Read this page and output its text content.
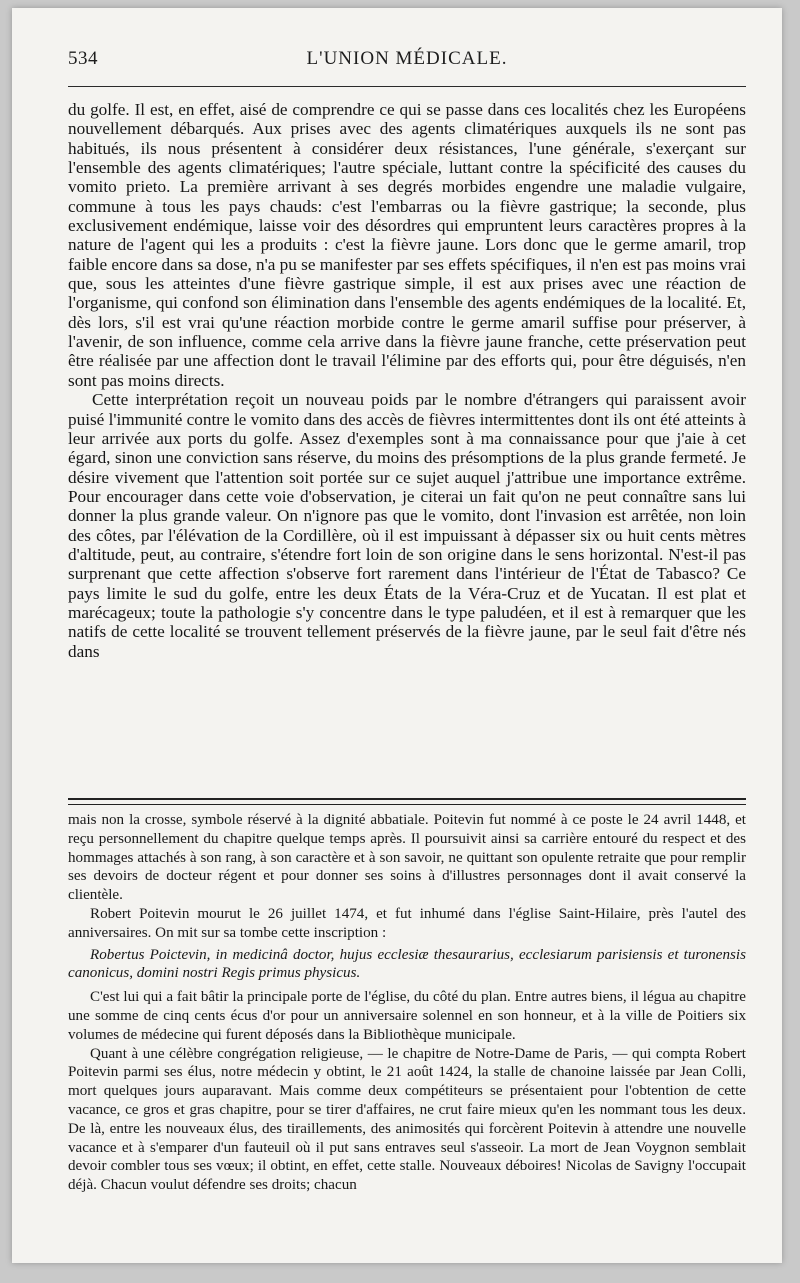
534	L'UNION MÉDICALE.

du golfe. Il est, en effet, aisé de comprendre ce qui se passe dans ces localités chez les Européens nouvellement débarqués. Aux prises avec des agents climatériques auxquels ils ne sont pas habitués, ils nous présentent à considérer deux résistances, l'une générale, s'exerçant sur l'ensemble des agents climatériques; l'autre spéciale, luttant contre la spécificité des causes du vomito prieto. La première arrivant à ses degrés morbides engendre une maladie vulgaire, commune à tous les pays chauds: c'est l'embarras ou la fièvre gastrique; la seconde, plus exclusivement endémique, laisse voir des désordres qui empruntent leurs caractères propres à la nature de l'agent qui les a produits : c'est la fièvre jaune. Lors donc que le germe amaril, trop faible encore dans sa dose, n'a pu se manifester par ses effets spécifiques, il n'en est pas moins vrai que, sous les atteintes d'une fièvre gastrique simple, il est aux prises avec une réaction de l'organisme, qui confond son élimination dans l'ensemble des agents endémiques de la localité. Et, dès lors, s'il est vrai qu'une réaction morbide contre le germe amaril suffise pour préserver, à l'avenir, de son influence, comme cela arrive dans la fièvre jaune franche, cette préservation peut être réalisée par une affection dont le travail l'élimine par des efforts qui, pour être déguisés, n'en sont pas moins directs.

Cette interprétation reçoit un nouveau poids par le nombre d'étrangers qui paraissent avoir puisé l'immunité contre le vomito dans des accès de fièvres intermittentes dont ils ont été atteints à leur arrivée aux ports du golfe. Assez d'exemples sont à ma connaissance pour que j'aie à cet égard, sinon une conviction sans réserve, du moins des présomptions de la plus grande fermeté. Je désire vivement que l'attention soit portée sur ce sujet auquel j'attribue une importance extrême. Pour encourager dans cette voie d'observation, je citerai un fait qu'on ne peut connaître sans lui donner la plus grande valeur. On n'ignore pas que le vomito, dont l'invasion est arrêtée, non loin des côtes, par l'élévation de la Cordillère, où il est impuissant à dépasser six ou huit cents mètres d'altitude, peut, au contraire, s'étendre fort loin de son origine dans le sens horizontal. N'est-il pas surprenant que cette affection s'observe fort rarement dans l'intérieur de l'État de Tabasco? Ce pays limite le sud du golfe, entre les deux États de la Véra-Cruz et de Yucatan. Il est plat et marécageux; toute la pathologie s'y concentre dans le type paludéen, et il est à remarquer que les natifs de cette localité se trouvent tellement préservés de la fièvre jaune, par le seul fait d'être nés dans

mais non la crosse, symbole réservé à la dignité abbatiale. Poitevin fut nommé à ce poste le 24 avril 1448, et reçu personnellement du chapitre quelque temps après. Il poursuivit ainsi sa carrière entouré du respect et des hommages attachés à son rang, à son caractère et à son savoir, ne quittant son opulente retraite que pour remplir ses devoirs de docteur régent et pour donner ses soins à d'illustres personnages dont il avait conservé la clientèle.

Robert Poitevin mourut le 26 juillet 1474, et fut inhumé dans l'église Saint-Hilaire, près l'autel des anniversaires. On mit sur sa tombe cette inscription :

Robertus Poictevin, in medicinâ doctor, hujus ecclesiæ thesaurarius, ecclesiarum parisiensis et turonensis canonicus, domini nostri Regis primus physicus.

C'est lui qui a fait bâtir la principale porte de l'église, du côté du plan. Entre autres biens, il légua au chapitre une somme de cinq cents écus d'or pour un anniversaire solennel en son honneur, et à la ville de Poitiers six volumes de médecine qui furent déposés dans la Bibliothèque municipale.

Quant à une célèbre congrégation religieuse, — le chapitre de Notre-Dame de Paris, — qui compta Robert Poitevin parmi ses élus, notre médecin y obtint, le 21 août 1424, la stalle de chanoine laissée par Jean Colli, mort quelques jours auparavant. Mais comme deux compétiteurs se présentaient pour l'obtention de cette vacance, ce gros et gras chapitre, pour se tirer d'affaires, ne crut faire mieux qu'en les nommant tous les deux. De là, entre les nouveaux élus, des tiraillements, des animosités qui forcèrent Poitevin à attendre une nouvelle vacance et à s'emparer d'un fauteuil où il put sans entraves seul s'asseoir. La mort de Jean Voygnon semblait devoir combler tous ses vœux; il obtint, en effet, cette stalle. Nouveaux déboires! Nicolas de Savigny l'occupait déjà. Chacun voulut défendre ses droits; chacun
